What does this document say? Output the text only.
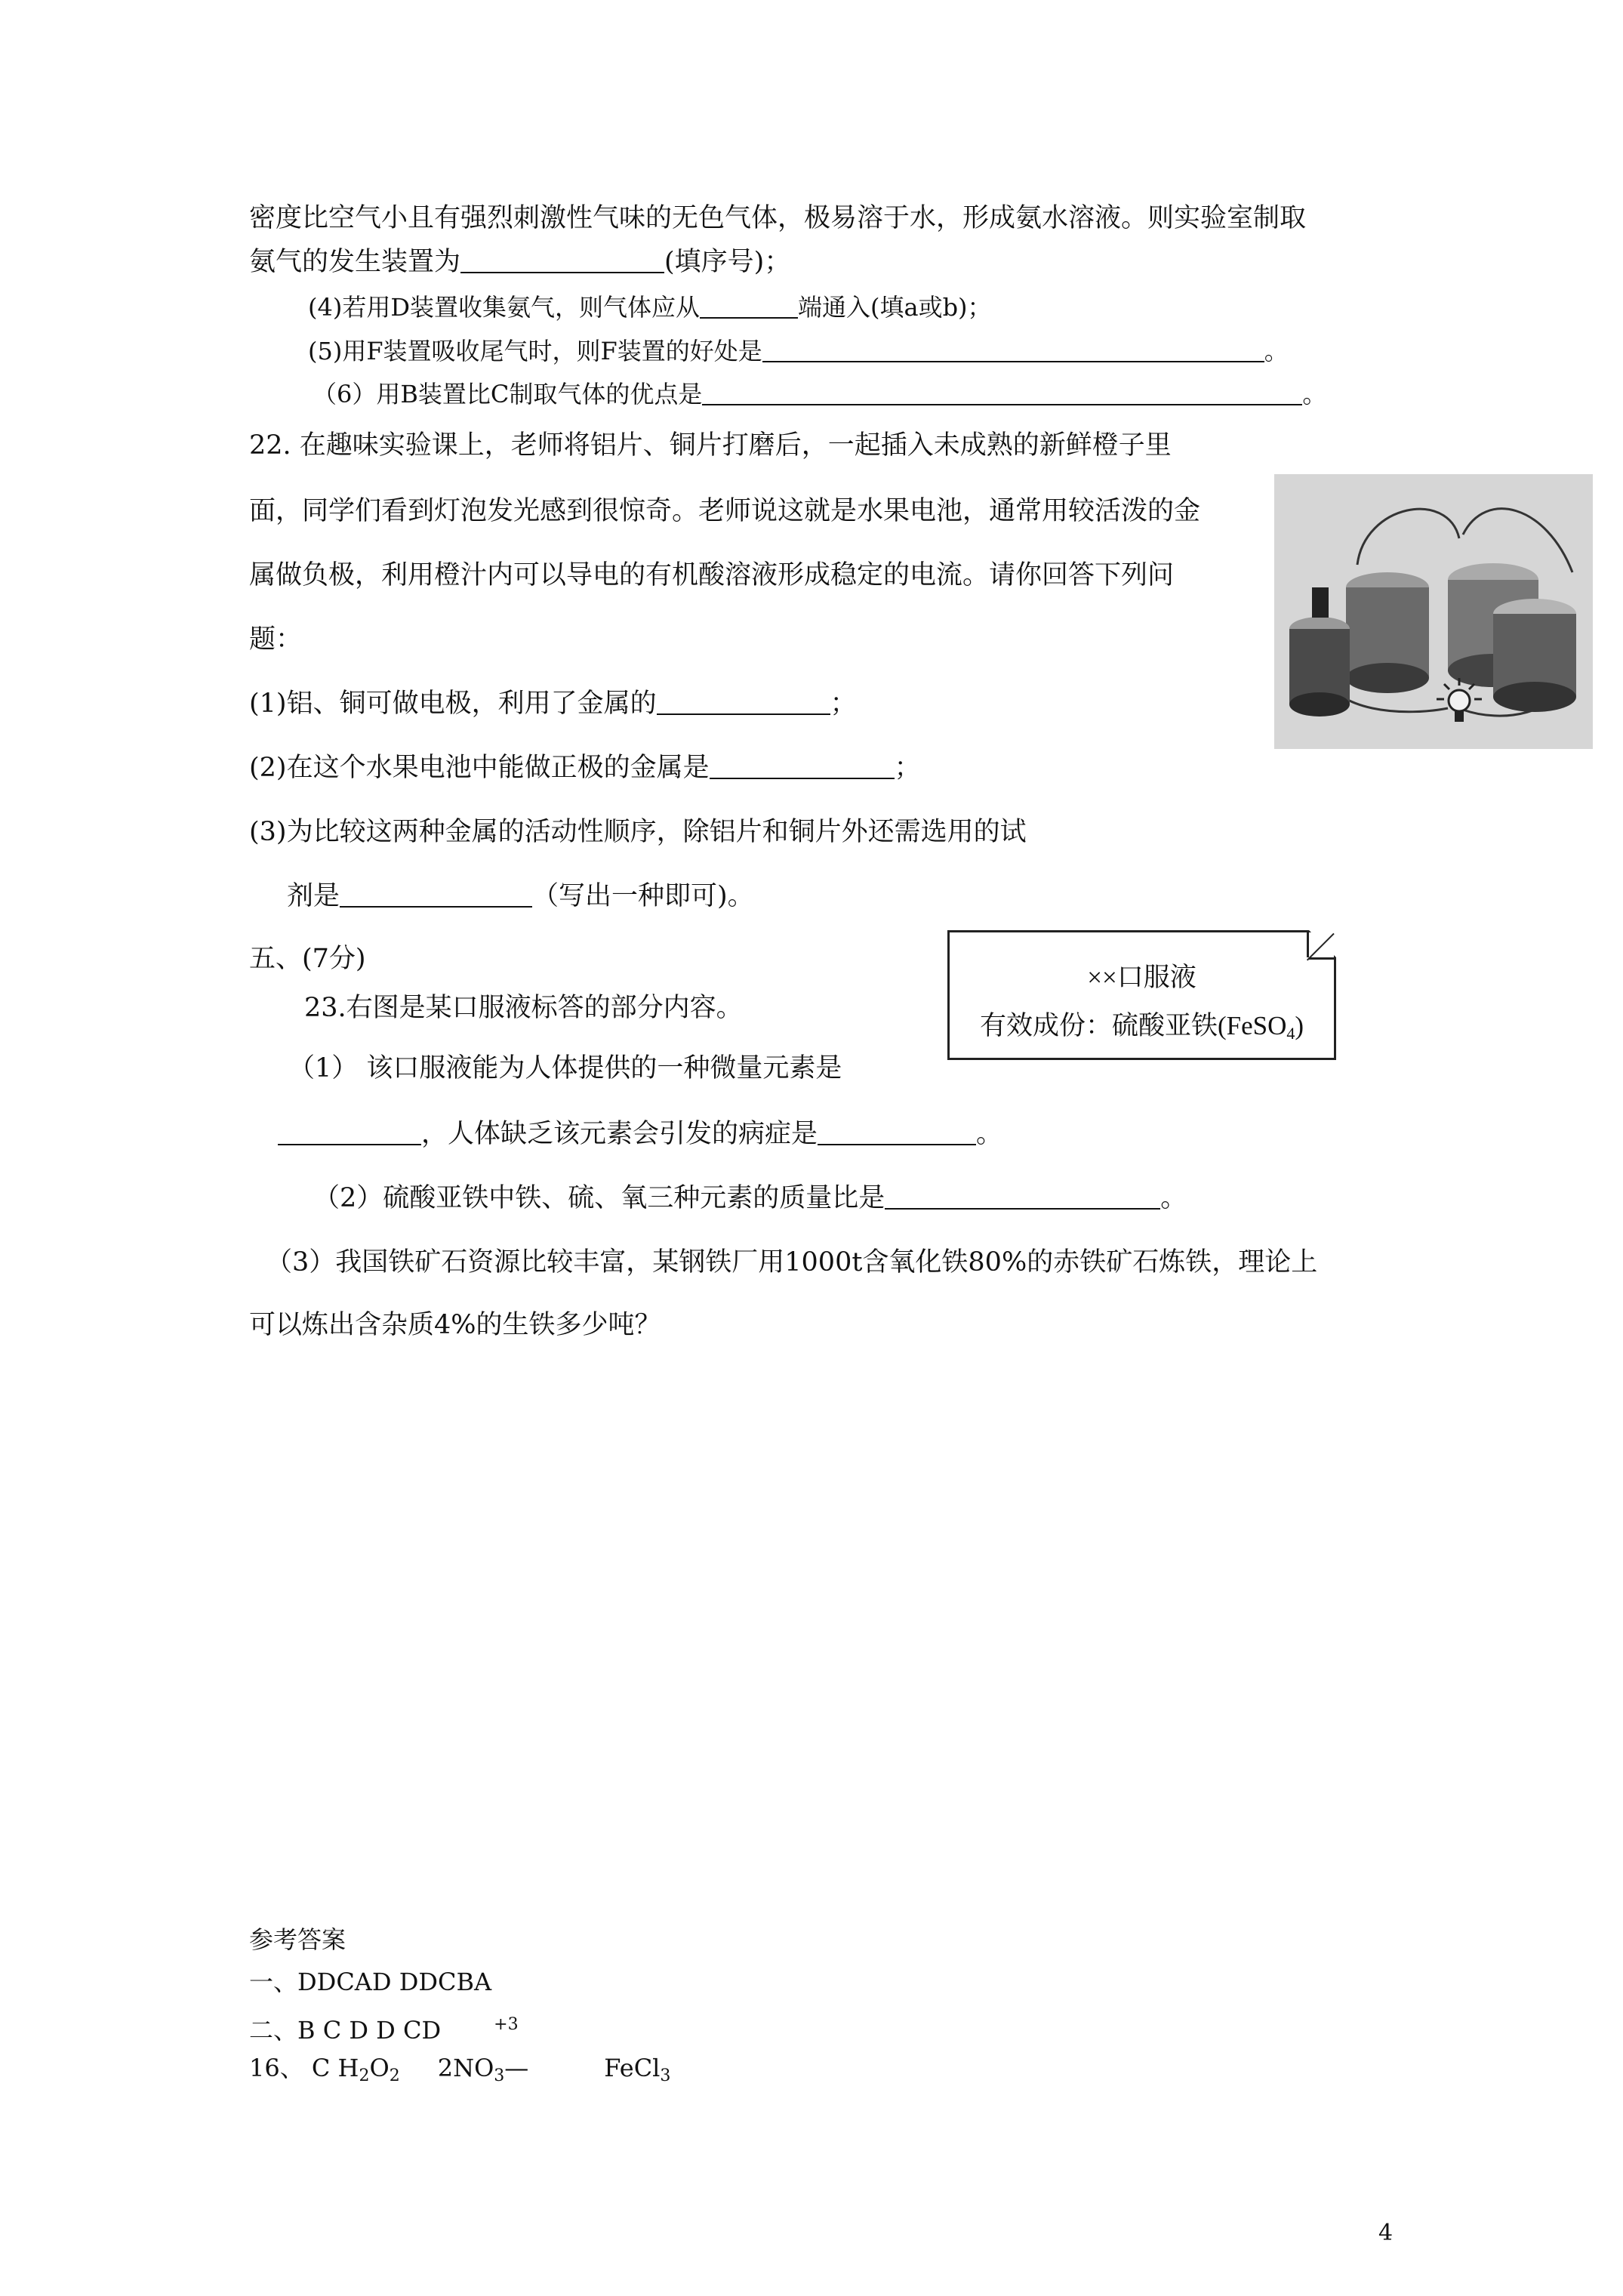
密度比空气小且有强烈刺激性气味的无色气体，极易溶于水，形成氨水溶液。则实验室制取
氨气的发生装置为	(填序号)；
(4)若用D装置收集氨气，则气体应从	端通入(填a或b)；
(5)用F装置吸收尾气时，则F装置的好处是	。
（6）用B装置比C制取气体的优点是	。
22. 在趣味实验课上，老师将铝片、铜片打磨后，一起插入未成熟的新鲜橙子里
面，同学们看到灯泡发光感到很惊奇。老师说这就是水果电池，通常用较活泼的金
属做负极，利用橙汁内可以导电的有机酸溶液形成稳定的电流。请你回答下列问
题：
(1)铝、铜可做电极，利用了金属的	；
(2)在这个水果电池中能做正极的金属是	；
(3)为比较这两种金属的活动性顺序，除铝片和铜片外还需选用的试
剂是	（写出一种即可)。
五、(7分)
23.右图是某口服液标答的部分内容。
（1） 该口服液能为人体提供的一种微量元素是
，人体缺乏该元素会引发的病症是	。
（2）硫酸亚铁中铁、硫、氧三种元素的质量比是	。
（3）我国铁矿石资源比较丰富，某钢铁厂用1000t含氧化铁80%的赤铁矿石炼铁，理论上
可以炼出含杂质4%的生铁多少吨？
××口服液
有效成份：硫酸亚铁(FeSO$_4$)
参考答案
一、DDCAD DDCBA
二、B C D D CD	$^{+3}$
16、 C $H_2O_2$ $2NO_3—$	FeCl$_3$
4
